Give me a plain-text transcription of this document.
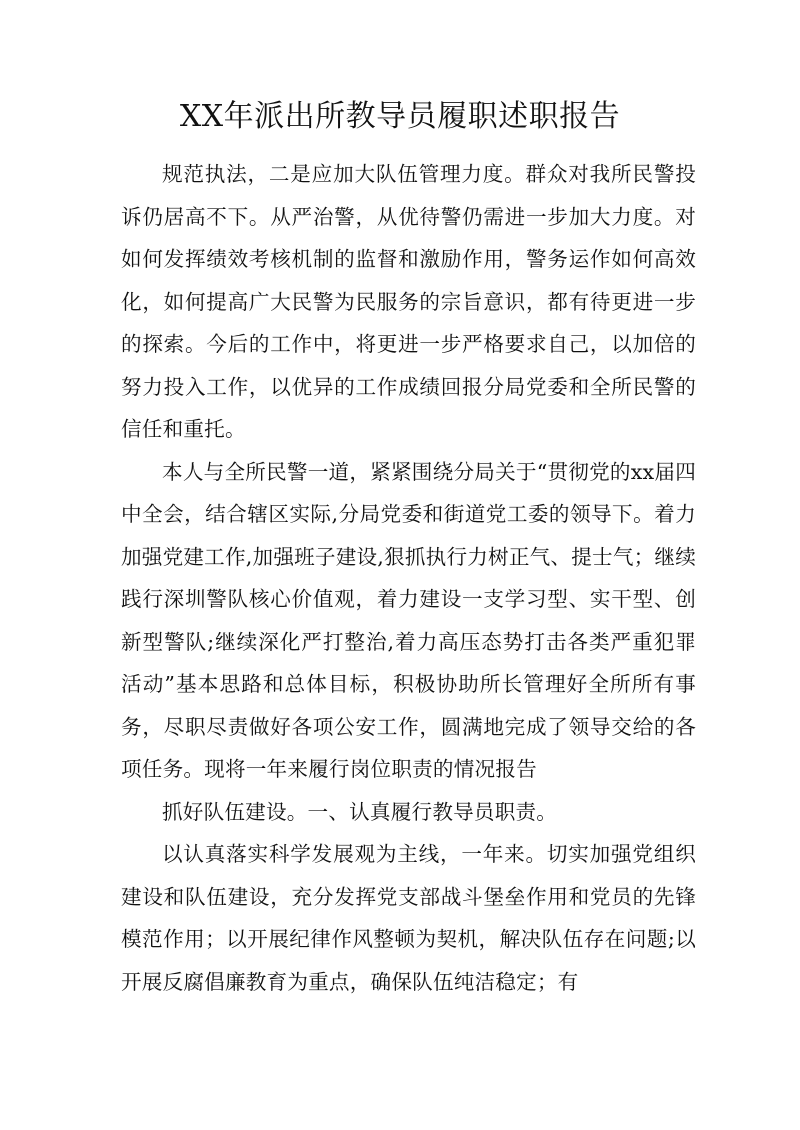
XX年派出所教导员履职述职报告

规范执法，二是应加大队伍管理力度。群众对我所民警投诉仍居高不下。从严治警，从优待警仍需进一步加大力度。对如何发挥绩效考核机制的监督和激励作用，警务运作如何高效化，如何提高广大民警为民服务的宗旨意识，都有待更进一步的探索。今后的工作中，将更进一步严格要求自己，以加倍的努力投入工作，以优异的工作成绩回报分局党委和全所民警的信任和重托。

本人与全所民警一道，紧紧围绕分局关于“贯彻党的xx届四中全会，结合辖区实际,分局党委和街道党工委的领导下。着力加强党建工作,加强班子建设,狠抓执行力树正气、提士气；继续践行深圳警队核心价值观，着力建设一支学习型、实干型、创新型警队;继续深化严打整治,着力高压态势打击各类严重犯罪活动”基本思路和总体目标，积极协助所长管理好全所所有事务，尽职尽责做好各项公安工作，圆满地完成了领导交给的各项任务。现将一年来履行岗位职责的情况报告

抓好队伍建设。一、认真履行教导员职责。

以认真落实科学发展观为主线，一年来。切实加强党组织建设和队伍建设，充分发挥党支部战斗堡垒作用和党员的先锋模范作用；以开展纪律作风整顿为契机，解决队伍存在问题;以开展反腐倡廉教育为重点，确保队伍纯洁稳定；有
